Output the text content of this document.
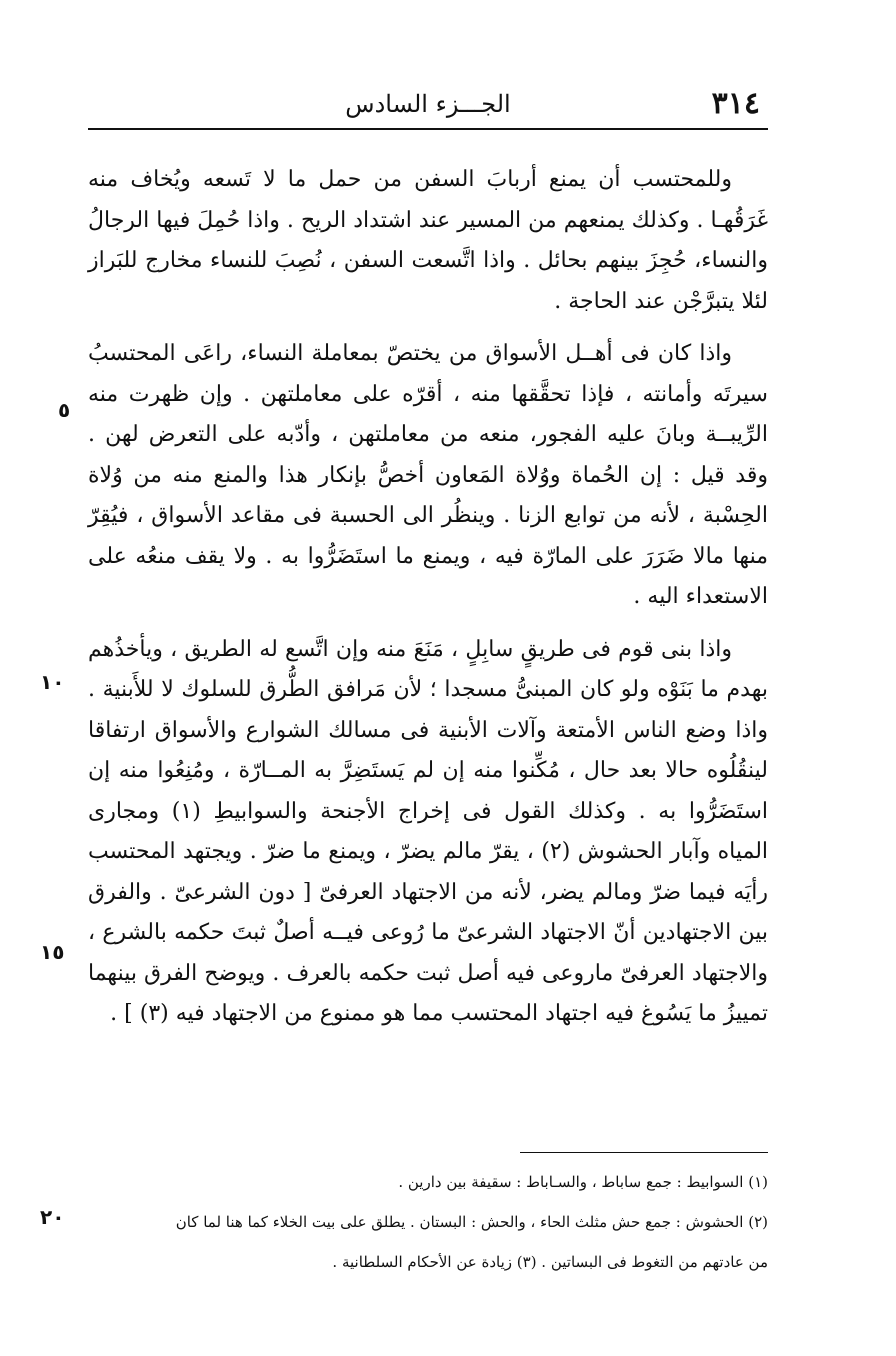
٣١٤
الجـــزء السادس

وللمحتسب أن يمنع أربابَ السفن من حمل ما لا تَسعه ويُخاف منه غَرَقُهـا . وكذلك يمنعهم من المسير عند اشتداد الريح . واذا حُمِلَ فيها الرجالُ والنساء، حُجِزَ بينهم بحائل . واذا اتَّسعت السفن ، نُصِبَ للنساء مخارج للبَراز لئلا يتبرَّجْن عند الحاجة .

واذا كان فى أهــل الأسواق من يختصّ بمعاملة النساء، راعَى المحتسبُ سيرتَه وأمانته ، فإذا تحقَّقها منه ، أقرّه على معاملتهن . وإن ظهرت منه الرِّيبــة وبانَ عليه الفجور، منعه من معاملتهن ، وأدّبه على التعرض لهن . وقد قيل : إن الحُماة ووُلاة المَعاون أخصُّ بإنكار هذا والمنع منه من وُلاة الحِسْبة ، لأنه من توابع الزنا . وينظُر الى الحسبة فى مقاعد الأسواق ، فيُقِرّ منها مالا ضَرَرَ على المارّة فيه ، ويمنع ما استَضَرُّوا به . ولا يقف منعُه على الاستعداء اليه .

واذا بنى قوم فى طريقٍ سابِلٍ ، مَنَعَ منه وإن اتَّسع له الطريق ، ويأخذُهم بهدم ما بَنَوْه ولو كان المبنىُّ مسجدا ؛ لأن مَرافق الطُّرق للسلوك لا للأَبنية . واذا وضع الناس الأمتعة وآلات الأبنية فى مسالك الشوارع والأسواق ارتفاقا لينقُلُوه حالا بعد حال ، مُكِّنوا منه إن لم يَستَضِرَّ به المــارّة ، ومُنِعُوا منه إن استَضَرُّوا به . وكذلك القول فى إخراج الأجنحة والسوابيطِ (١) ومجارى المياه وآبار الحشوش (٢) ، يقرّ مالم يضرّ ، ويمنع ما ضرّ . ويجتهد المحتسب رأيَه فيما ضرّ ومالم يضر، لأنه من الاجتهاد العرفىّ [ دون الشرعىّ . والفرق بين الاجتهادين أنّ الاجتهاد الشرعىّ ما رُوعى فيــه أصلٌ ثبتَ حكمه بالشرع ، والاجتهاد العرفىّ ماروعى فيه أصل ثبت حكمه بالعرف . ويوضح الفرق بينهما تمييزُ ما يَسُوغ فيه اجتهاد المحتسب مما هو ممنوع من الاجتهاد فيه (٣) ] .

٥
١٠
١٥
٢٠

(١) السوابيط : جمع ساباط ، والسـاباط : سقيفة بين دارين .

(٢) الحشوش : جمع حش مثلث الحاء ، والحش : البستان . يطلق على بيت الخلاء كما هنا لما كان

من عادتهم من التغوط فى البساتين . (٣) زيادة عن الأحكام السلطانية .
